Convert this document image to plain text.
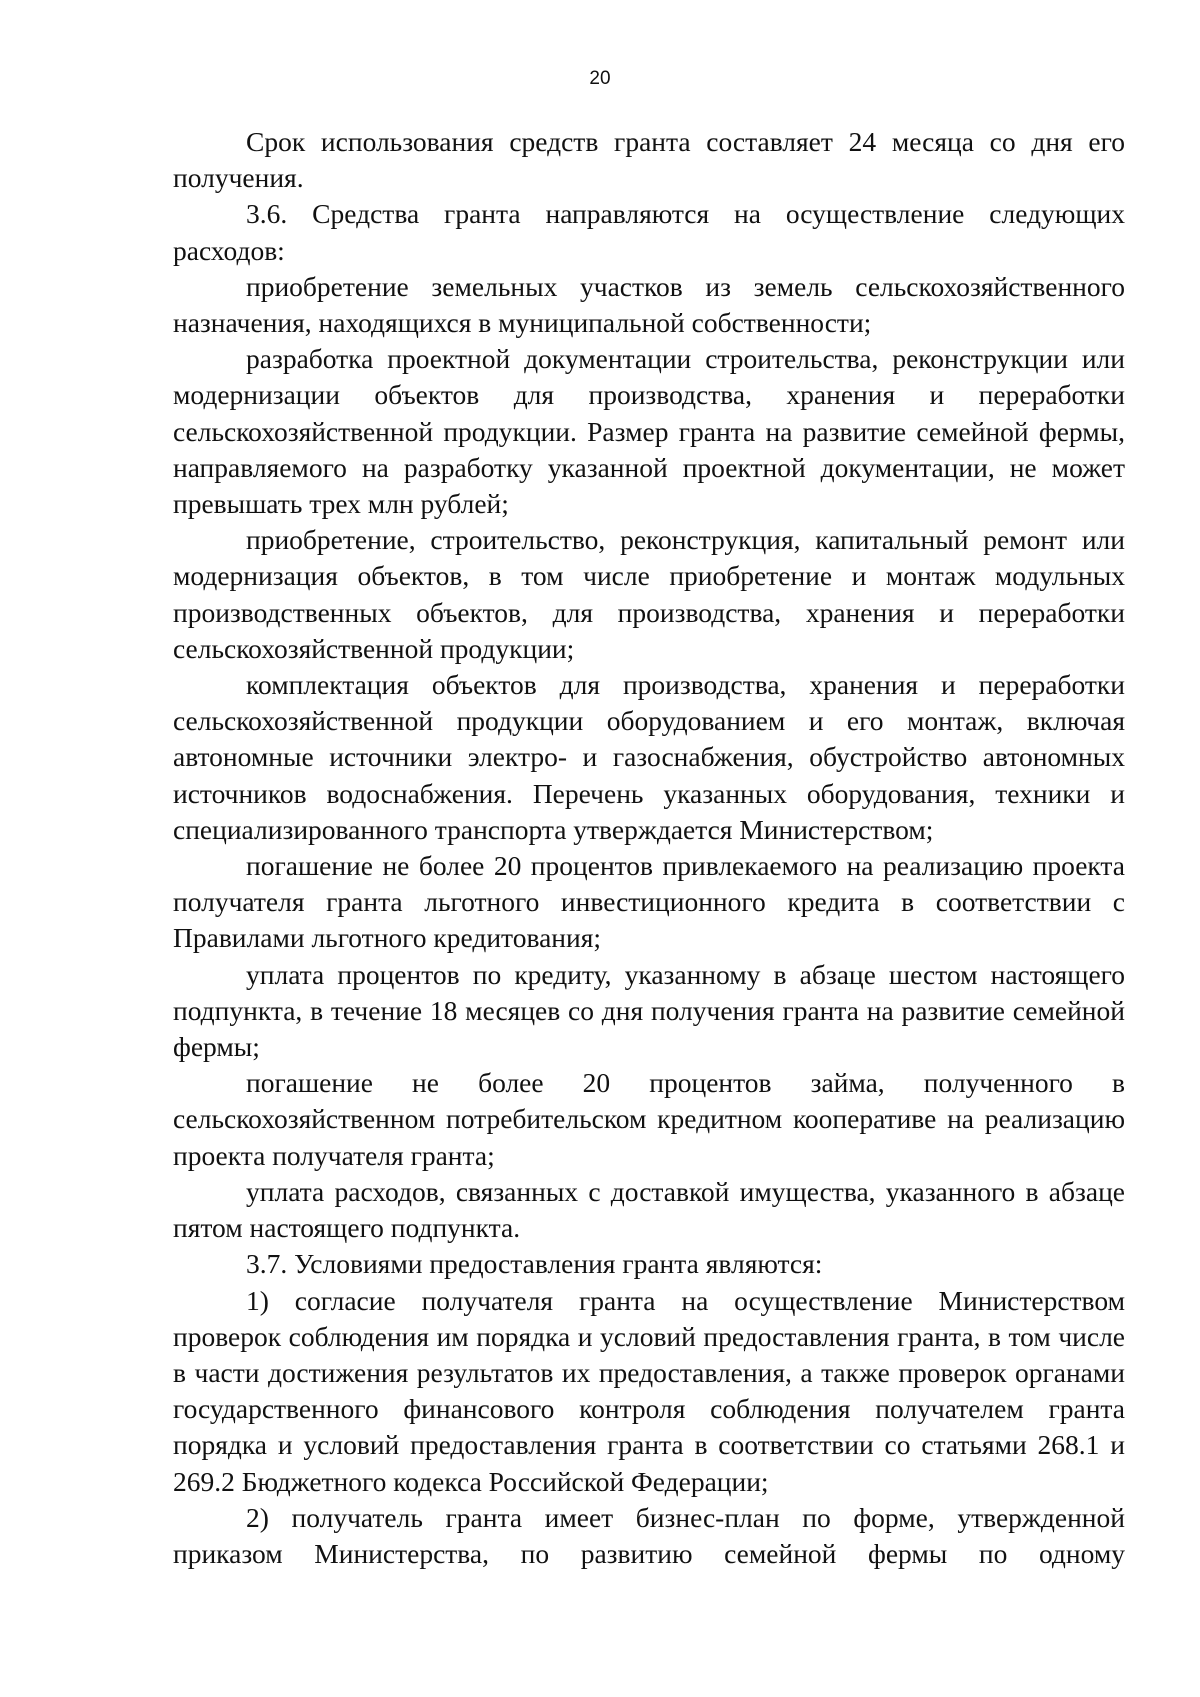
20

Срок использования средств гранта составляет 24 месяца со дня его получения.

3.6. Средства гранта направляются на осуществление следующих расходов:

приобретение земельных участков из земель сельскохозяйственного назначения, находящихся в муниципальной собственности;

разработка проектной документации строительства, реконструкции или модернизации объектов для производства, хранения и переработки сельскохозяйственной продукции. Размер гранта на развитие семейной фермы, направляемого на разработку указанной проектной документации, не может превышать трех млн рублей;

приобретение, строительство, реконструкция, капитальный ремонт или модернизация объектов, в том числе приобретение и монтаж модульных производственных объектов, для производства, хранения и переработки сельскохозяйственной продукции;

комплектация объектов для производства, хранения и переработки сельскохозяйственной продукции оборудованием и его монтаж, включая автономные источники электро- и газоснабжения, обустройство автономных источников водоснабжения. Перечень указанных оборудования, техники и специализированного транспорта утверждается Министерством;

погашение не более 20 процентов привлекаемого на реализацию проекта получателя гранта льготного инвестиционного кредита в соответствии с Правилами льготного кредитования;

уплата процентов по кредиту, указанному в абзаце шестом настоящего подпункта, в течение 18 месяцев со дня получения гранта на развитие семейной фермы;

погашение не более 20 процентов займа, полученного в сельскохозяйственном потребительском кредитном кооперативе на реализацию проекта получателя гранта;

уплата расходов, связанных с доставкой имущества, указанного в абзаце пятом настоящего подпункта.

3.7. Условиями предоставления гранта являются:

1) согласие получателя гранта на осуществление Министерством проверок соблюдения им порядка и условий предоставления гранта, в том числе в части достижения результатов их предоставления, а также проверок органами государственного финансового контроля соблюдения получателем гранта порядка и условий предоставления гранта в соответствии со статьями 268.1 и 269.2 Бюджетного кодекса Российской Федерации;

2) получатель гранта имеет бизнес-план по форме, утвержденной приказом Министерства, по развитию семейной фермы по одному
